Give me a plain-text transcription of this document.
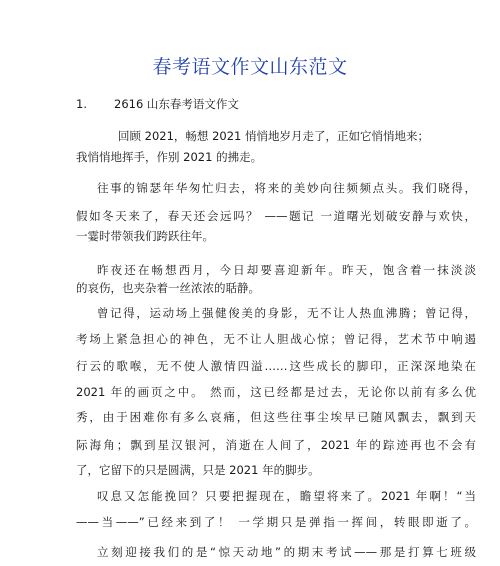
春考语文作文山东范文
1. 2616 山东春考语文作文
回顾 2021，畅想 2021 悄悄地岁月走了，正如它悄悄地来；
我悄悄地挥手，作别 2021 的拂走。
往事的锦瑟年华匆忙归去，将来的美妙向往频频点头。我们晓得，
假如冬天来了，春天还会远吗？ ——题记 一道曙光划破安静与欢快，
一霎时带领我们跨跃往年。
昨夜还在畅想西月，今日却要喜迎新年。昨天，饱含着一抹淡淡
的哀伤，也夹杂着一丝浓浓的聒静。
曾记得，运动场上强健俊美的身影，无不让人热血沸腾；曾记得，
考场上紧急担心的神色，无不让人胆战心惊；曾记得，艺术节中响遏
行云的歌喉，无不使人激情四溢……这些成长的脚印，正深深地染在
2021 年的画页之中。 然而，这已经都是过去，无论你以前有多么优
秀，由于困难你有多么哀痛，但这些往事尘埃早已随风飘去，飘到天
际海角；飘到星汉银河，消逝在人间了，2021 年的踪迹再也不会有
了，它留下的只是圆满，只是 2021 年的脚步。
叹息又怎能挽回？只要把握现在，瞻望将来了。2021 年啊！“当
——当——”已经来到了！ 一学期只是弹指一挥间，转眼即逝了。
立刻迎接我们的是“惊天动地”的期末考试——那是打算七班级
